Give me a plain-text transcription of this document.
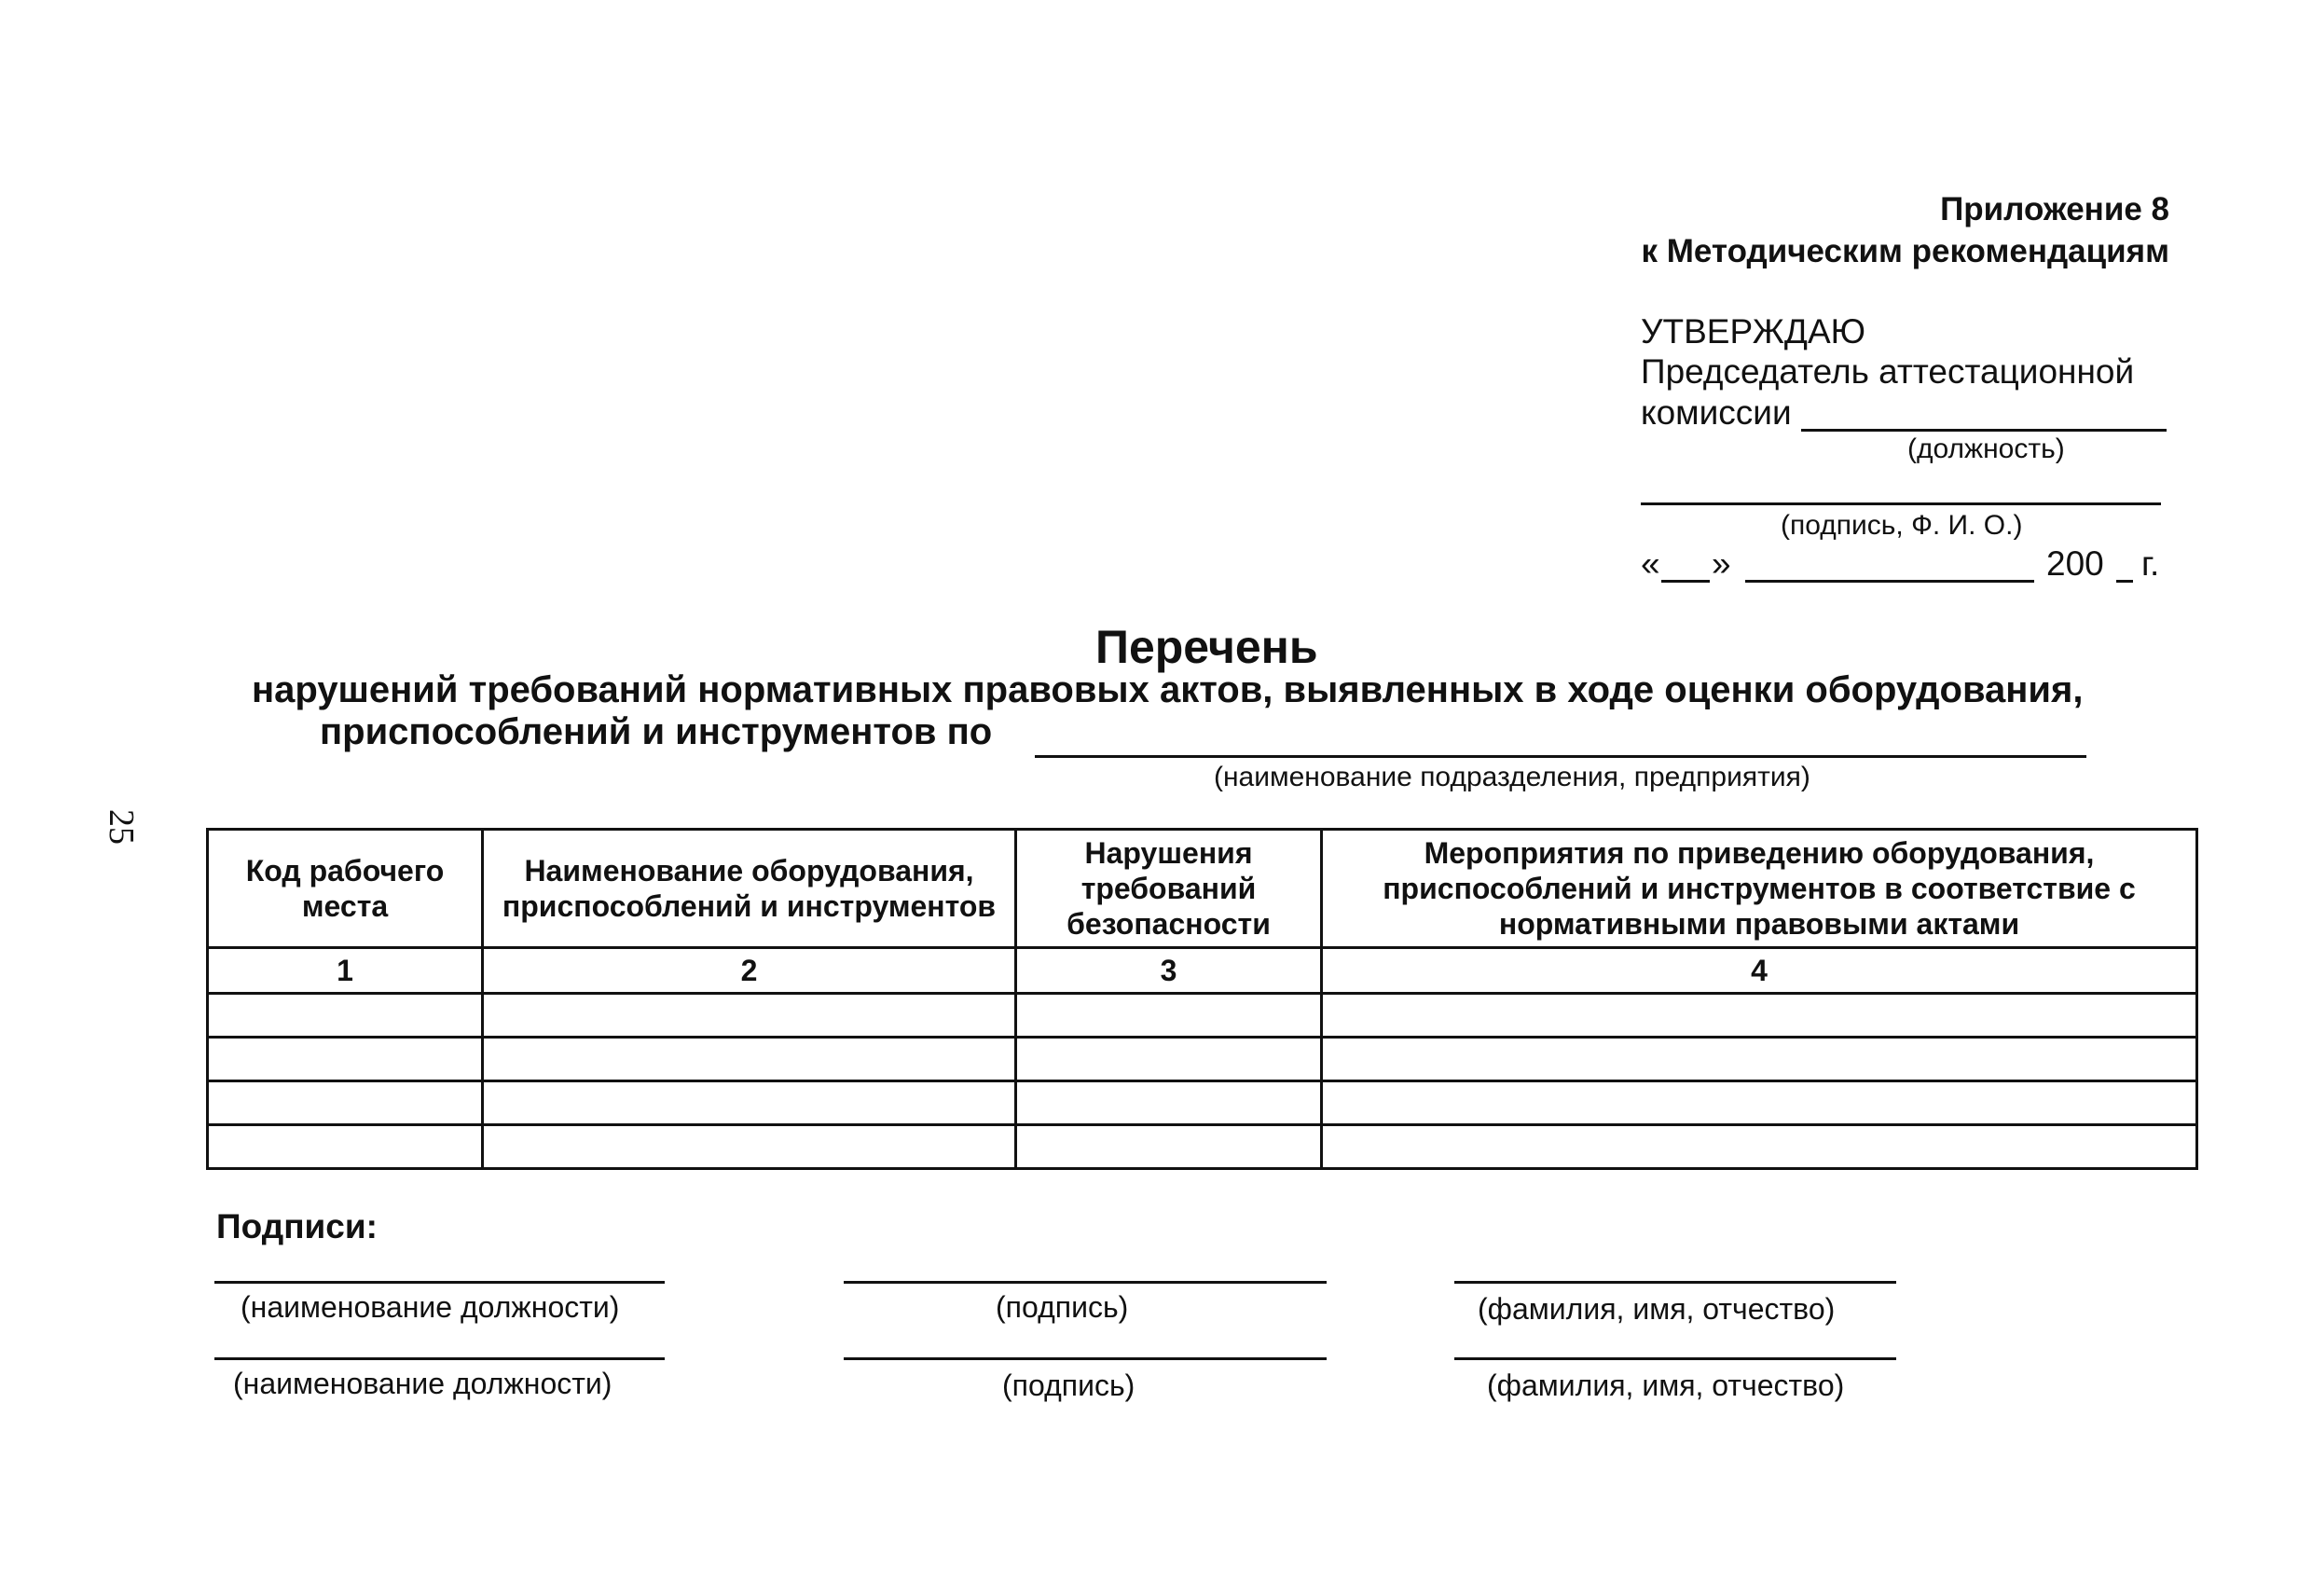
Приложение 8
к Методическим рекомендациям
УТВЕРЖДАЮ
Председатель аттестационной
комиссии
(должность)
(подпись, Ф. И. О.)
« »	200 г.
25
Перечень
нарушений требований нормативных правовых актов, выявленных в ходе оценки оборудования,
приспособлений и инструментов по
(наименование подразделения, предприятия)
Код рабочего места	Наименование оборудования, приспособлений и инструментов	Нарушения требований безопасности	Мероприятия по приведению оборудования, приспособлений и инструментов в соответствие с нормативными правовыми актами
1	2	3	4

Подписи:
(наименование должности)	(подпись)	(фамилия, имя, отчество)
(наименование должности)	(подпись)	(фамилия, имя, отчество)
